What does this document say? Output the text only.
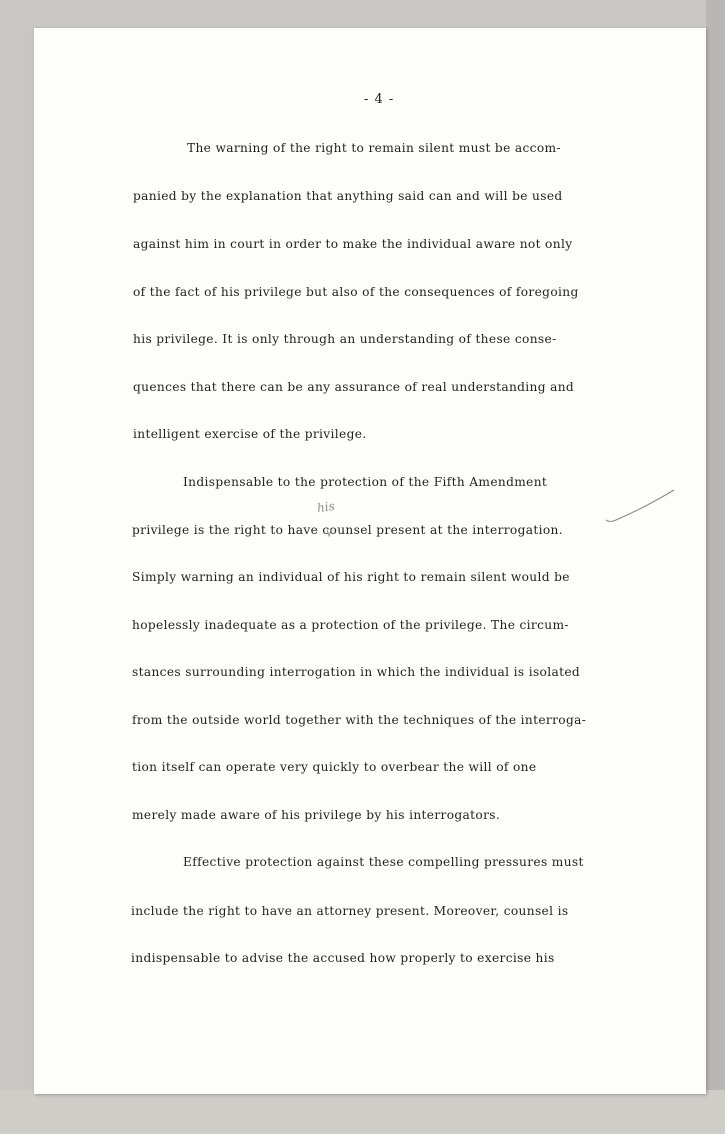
- 4 -
The warning of the right to remain silent must be accom-
panied by the explanation that anything said can and will be used
against him in court in order to make the individual aware not only
of the fact of his privilege but also of the consequences of foregoing
his privilege. It is only through an understanding of these conse-
quences that there can be any assurance of real understanding and
intelligent exercise of the privilege.
Indispensable to the protection of the Fifth Amendment
privilege is the right to have counsel present at the interrogation.
Simply warning an individual of his right to remain silent would be
hopelessly inadequate as a protection of the privilege. The circum-
stances surrounding interrogation in which the individual is isolated
from the outside world together with the techniques of the interroga-
tion itself can operate very quickly to overbear the will of one
merely made aware of his privilege by his interrogators.
Effective protection against these compelling pressures must
include the right to have an attorney present. Moreover, counsel is
indispensable to advise the accused how properly to exercise his
his
